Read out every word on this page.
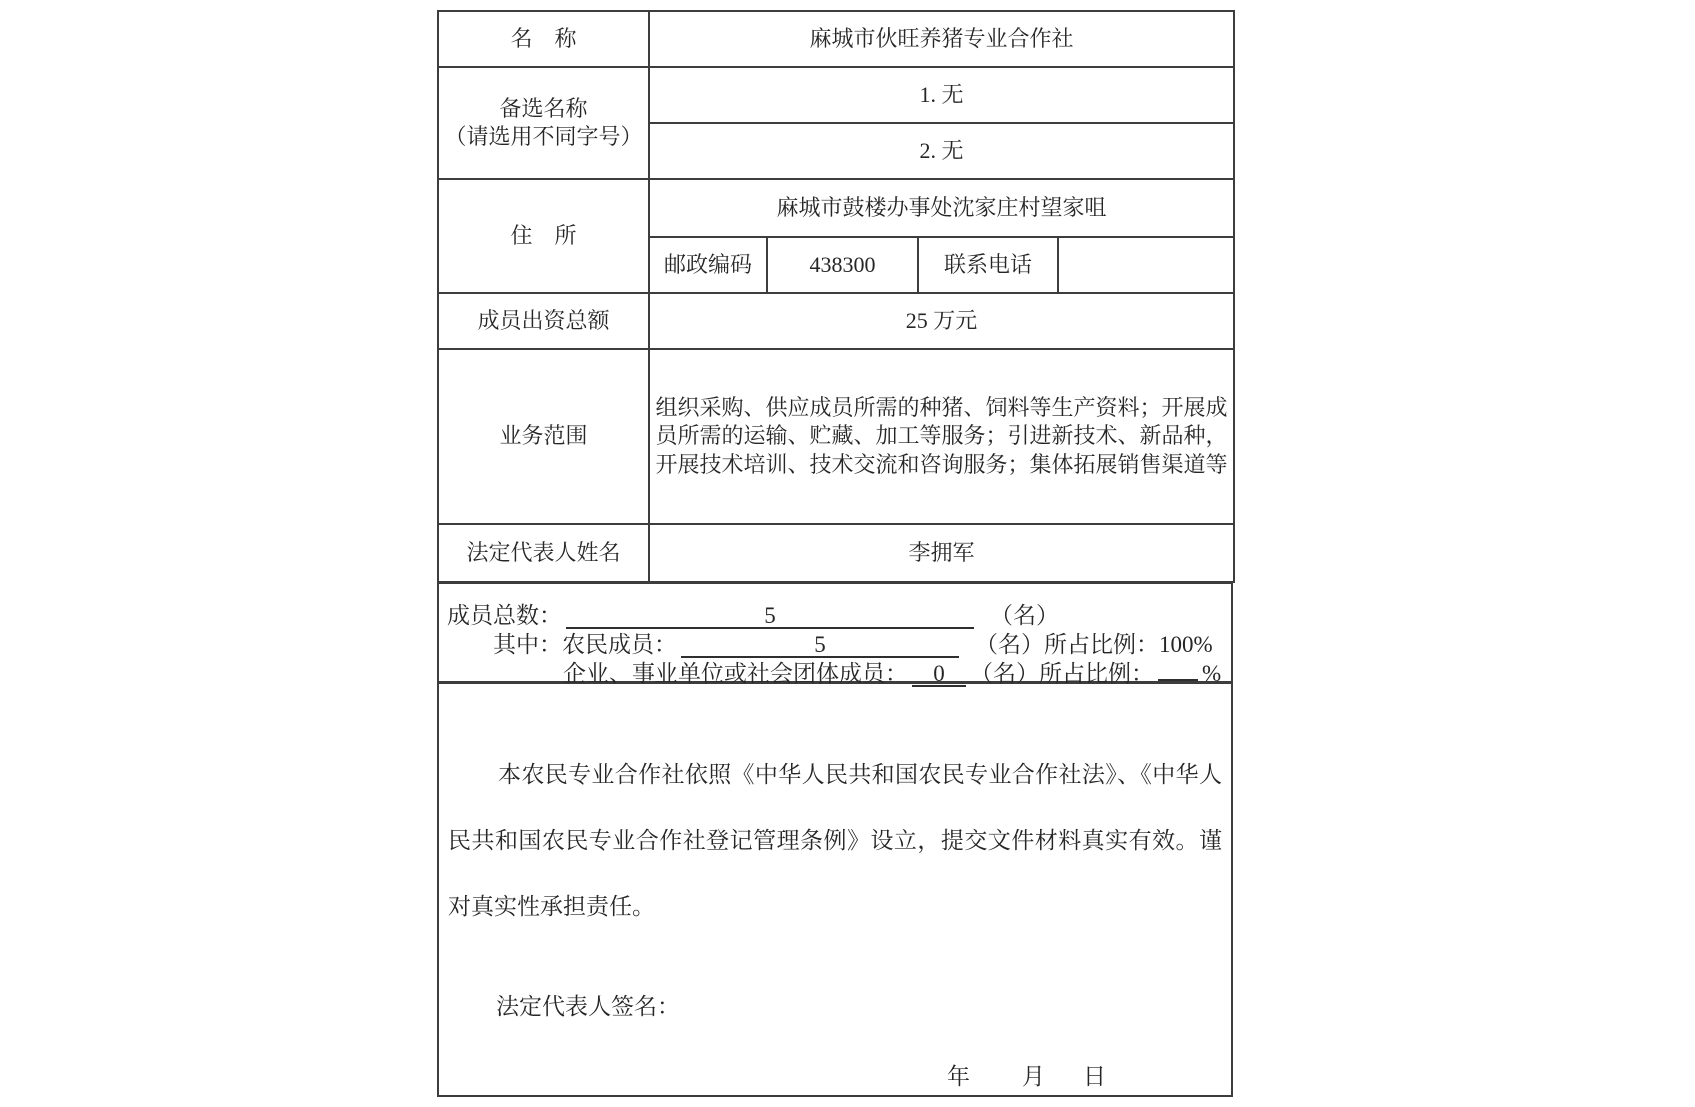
名　称	麻城市伙旺养猪专业合作社			

备选名称
（请选用不同字号）	1. 无			
	2. 无			
住　所	麻城市鼓楼办事处沈家庄村望家咀			
	邮政编码	438300	联系电话	
成员出资总额	25 万元			
业务范围	组织采购、供应成员所需的种猪、饲料等生产资料；开展成员所需的运输、贮藏、加工等服务；引进新技术、新品种，开展技术培训、技术交流和咨询服务；集体拓展销售渠道等			
法定代表人姓名	李拥军			
成员总数：	5	（名）
其中： 农民成员：	5	（名）所占比例： 100%
企业、事业单位或社会团体成员：	0	（名）所占比例： %

本农民专业合作社依照《中华人民共和国农民专业合作社法》、《中华人民共和国农民专业合作社登记管理条例》设立，提交文件材料真实有效。谨对真实性承担责任。

法定代表人签名：
年 月 日
